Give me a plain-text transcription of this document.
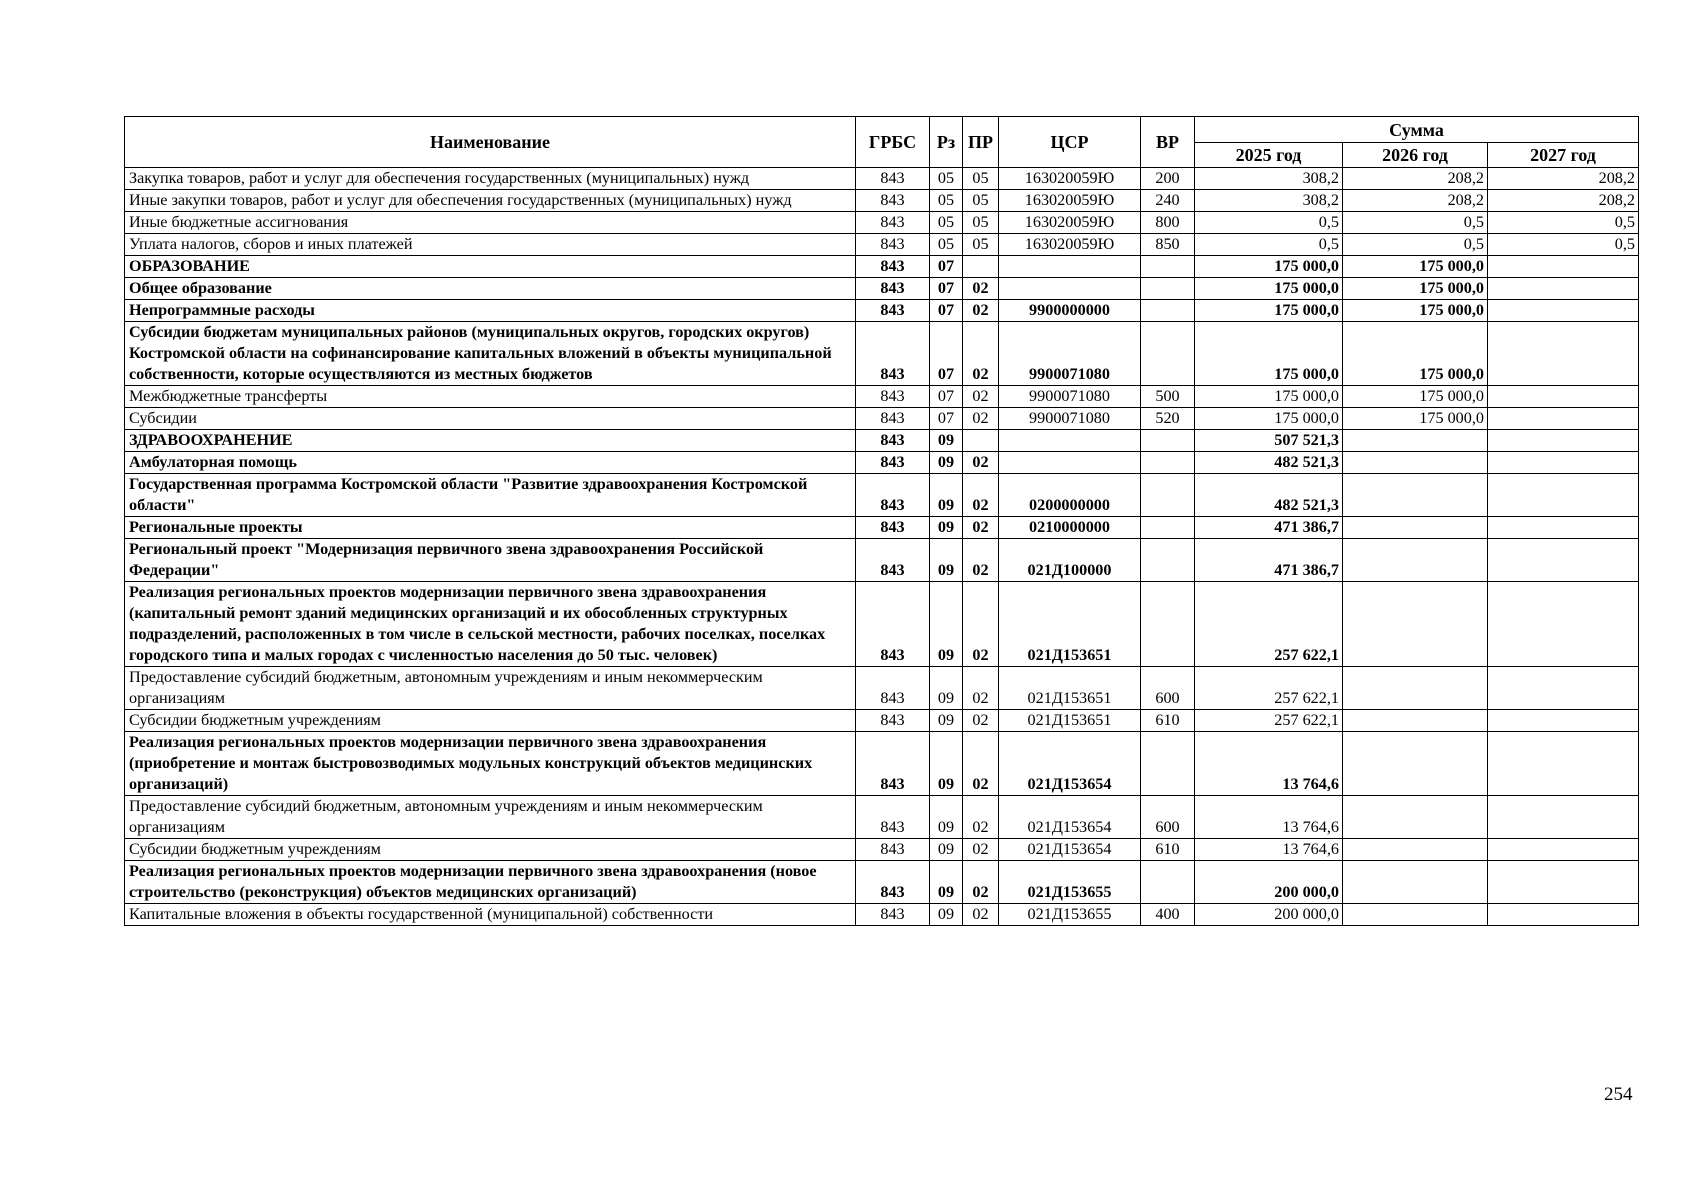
Наименование	ГРБС	Рз	ПР	ЦСР	ВР	Сумма		
						2025 год	2026 год	2027 год
Закупка товаров, работ и услуг для обеспечения государственных (муниципальных) нужд	843	05	05	163020059Ю	200	308,2	208,2	208,2
Иные закупки товаров, работ и услуг для обеспечения государственных (муниципальных) нужд	843	05	05	163020059Ю	240	308,2	208,2	208,2
Иные бюджетные ассигнования	843	05	05	163020059Ю	800	0,5	0,5	0,5
Уплата налогов, сборов и иных платежей	843	05	05	163020059Ю	850	0,5	0,5	0,5
ОБРАЗОВАНИЕ	843	07				175 000,0	175 000,0	
Общее образование	843	07	02			175 000,0	175 000,0	
Непрограммные расходы	843	07	02	9900000000		175 000,0	175 000,0	
Субсидии бюджетам муниципальных районов (муниципальных округов, городских округов) Костромской области на софинансирование капитальных вложений в объекты муниципальной собственности, которые осуществляются из местных бюджетов	843	07	02	9900071080		175 000,0	175 000,0	
Межбюджетные трансферты	843	07	02	9900071080	500	175 000,0	175 000,0	
Субсидии	843	07	02	9900071080	520	175 000,0	175 000,0	
ЗДРАВООХРАНЕНИЕ	843	09				507 521,3		
Амбулаторная помощь	843	09	02			482 521,3		
Государственная программа Костромской области "Развитие здравоохранения Костромской области"	843	09	02	0200000000		482 521,3		
Региональные проекты	843	09	02	0210000000		471 386,7		
Региональный проект "Модернизация первичного звена здравоохранения Российской Федерации"	843	09	02	021Д100000		471 386,7		
Реализация региональных проектов модернизации первичного звена здравоохранения (капитальный ремонт зданий медицинских организаций и их обособленных структурных подразделений, расположенных в том числе в сельской местности, рабочих поселках, поселках городского типа и малых городах с численностью населения до 50 тыс. человек)	843	09	02	021Д153651		257 622,1		
Предоставление субсидий бюджетным, автономным учреждениям и иным некоммерческим организациям	843	09	02	021Д153651	600	257 622,1		
Субсидии бюджетным учреждениям	843	09	02	021Д153651	610	257 622,1		
Реализация региональных проектов модернизации первичного звена здравоохранения (приобретение и монтаж быстровозводимых модульных конструкций объектов медицинских организаций)	843	09	02	021Д153654		13 764,6		
Предоставление субсидий бюджетным, автономным учреждениям и иным некоммерческим организациям	843	09	02	021Д153654	600	13 764,6		
Субсидии бюджетным учреждениям	843	09	02	021Д153654	610	13 764,6		
Реализация региональных проектов модернизации первичного звена здравоохранения (новое строительство (реконструкция) объектов медицинских организаций)	843	09	02	021Д153655		200 000,0		
Капитальные вложения в объекты государственной (муниципальной) собственности	843	09	02	021Д153655	400	200 000,0		
254
